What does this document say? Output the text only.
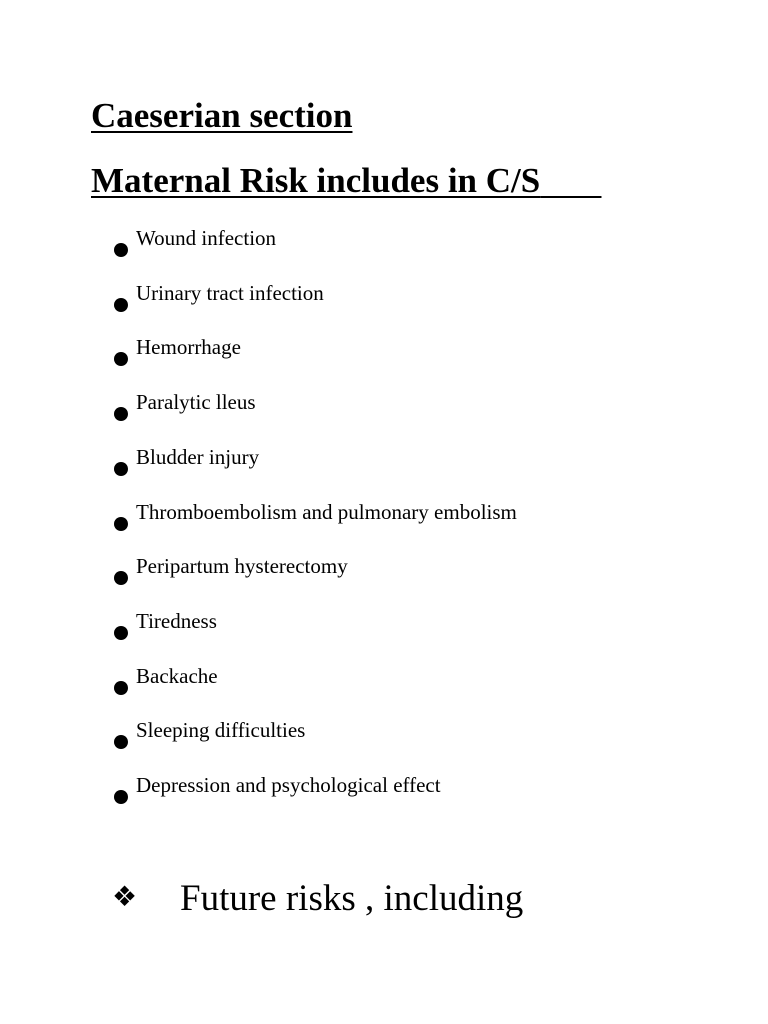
Caeserian section
Maternal Risk includes in C/S
Wound infection
Urinary tract infection
Hemorrhage
Paralytic lleus
Bludder injury
Thromboembolism and pulmonary embolism
Peripartum hysterectomy
Tiredness
Backache
Sleeping difficulties
Depression and psychological effect
❖ Future risks , including
